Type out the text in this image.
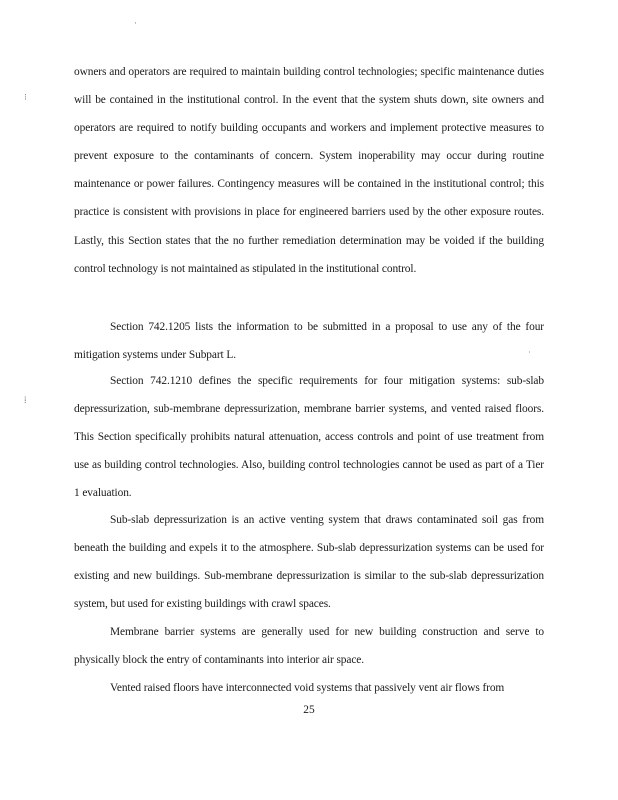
owners and operators are required to maintain building control technologies; specific maintenance duties will be contained in the institutional control. In the event that the system shuts down, site owners and operators are required to notify building occupants and workers and implement protective measures to prevent exposure to the contaminants of concern. System inoperability may occur during routine maintenance or power failures. Contingency measures will be contained in the institutional control; this practice is consistent with provisions in place for engineered barriers used by the other exposure routes. Lastly, this Section states that the no further remediation determination may be voided if the building control technology is not maintained as stipulated in the institutional control.

Section 742.1205 lists the information to be submitted in a proposal to use any of the four mitigation systems under Subpart L.

Section 742.1210 defines the specific requirements for four mitigation systems: sub-slab depressurization, sub-membrane depressurization, membrane barrier systems, and vented raised floors. This Section specifically prohibits natural attenuation, access controls and point of use treatment from use as building control technologies. Also, building control technologies cannot be used as part of a Tier 1 evaluation.

Sub-slab depressurization is an active venting system that draws contaminated soil gas from beneath the building and expels it to the atmosphere. Sub-slab depressurization systems can be used for existing and new buildings. Sub-membrane depressurization is similar to the sub-slab depressurization system, but used for existing buildings with crawl spaces.

Membrane barrier systems are generally used for new building construction and serve to physically block the entry of contaminants into interior air space.

Vented raised floors have interconnected void systems that passively vent air flows from

25
⁝
⁞
˙
·
